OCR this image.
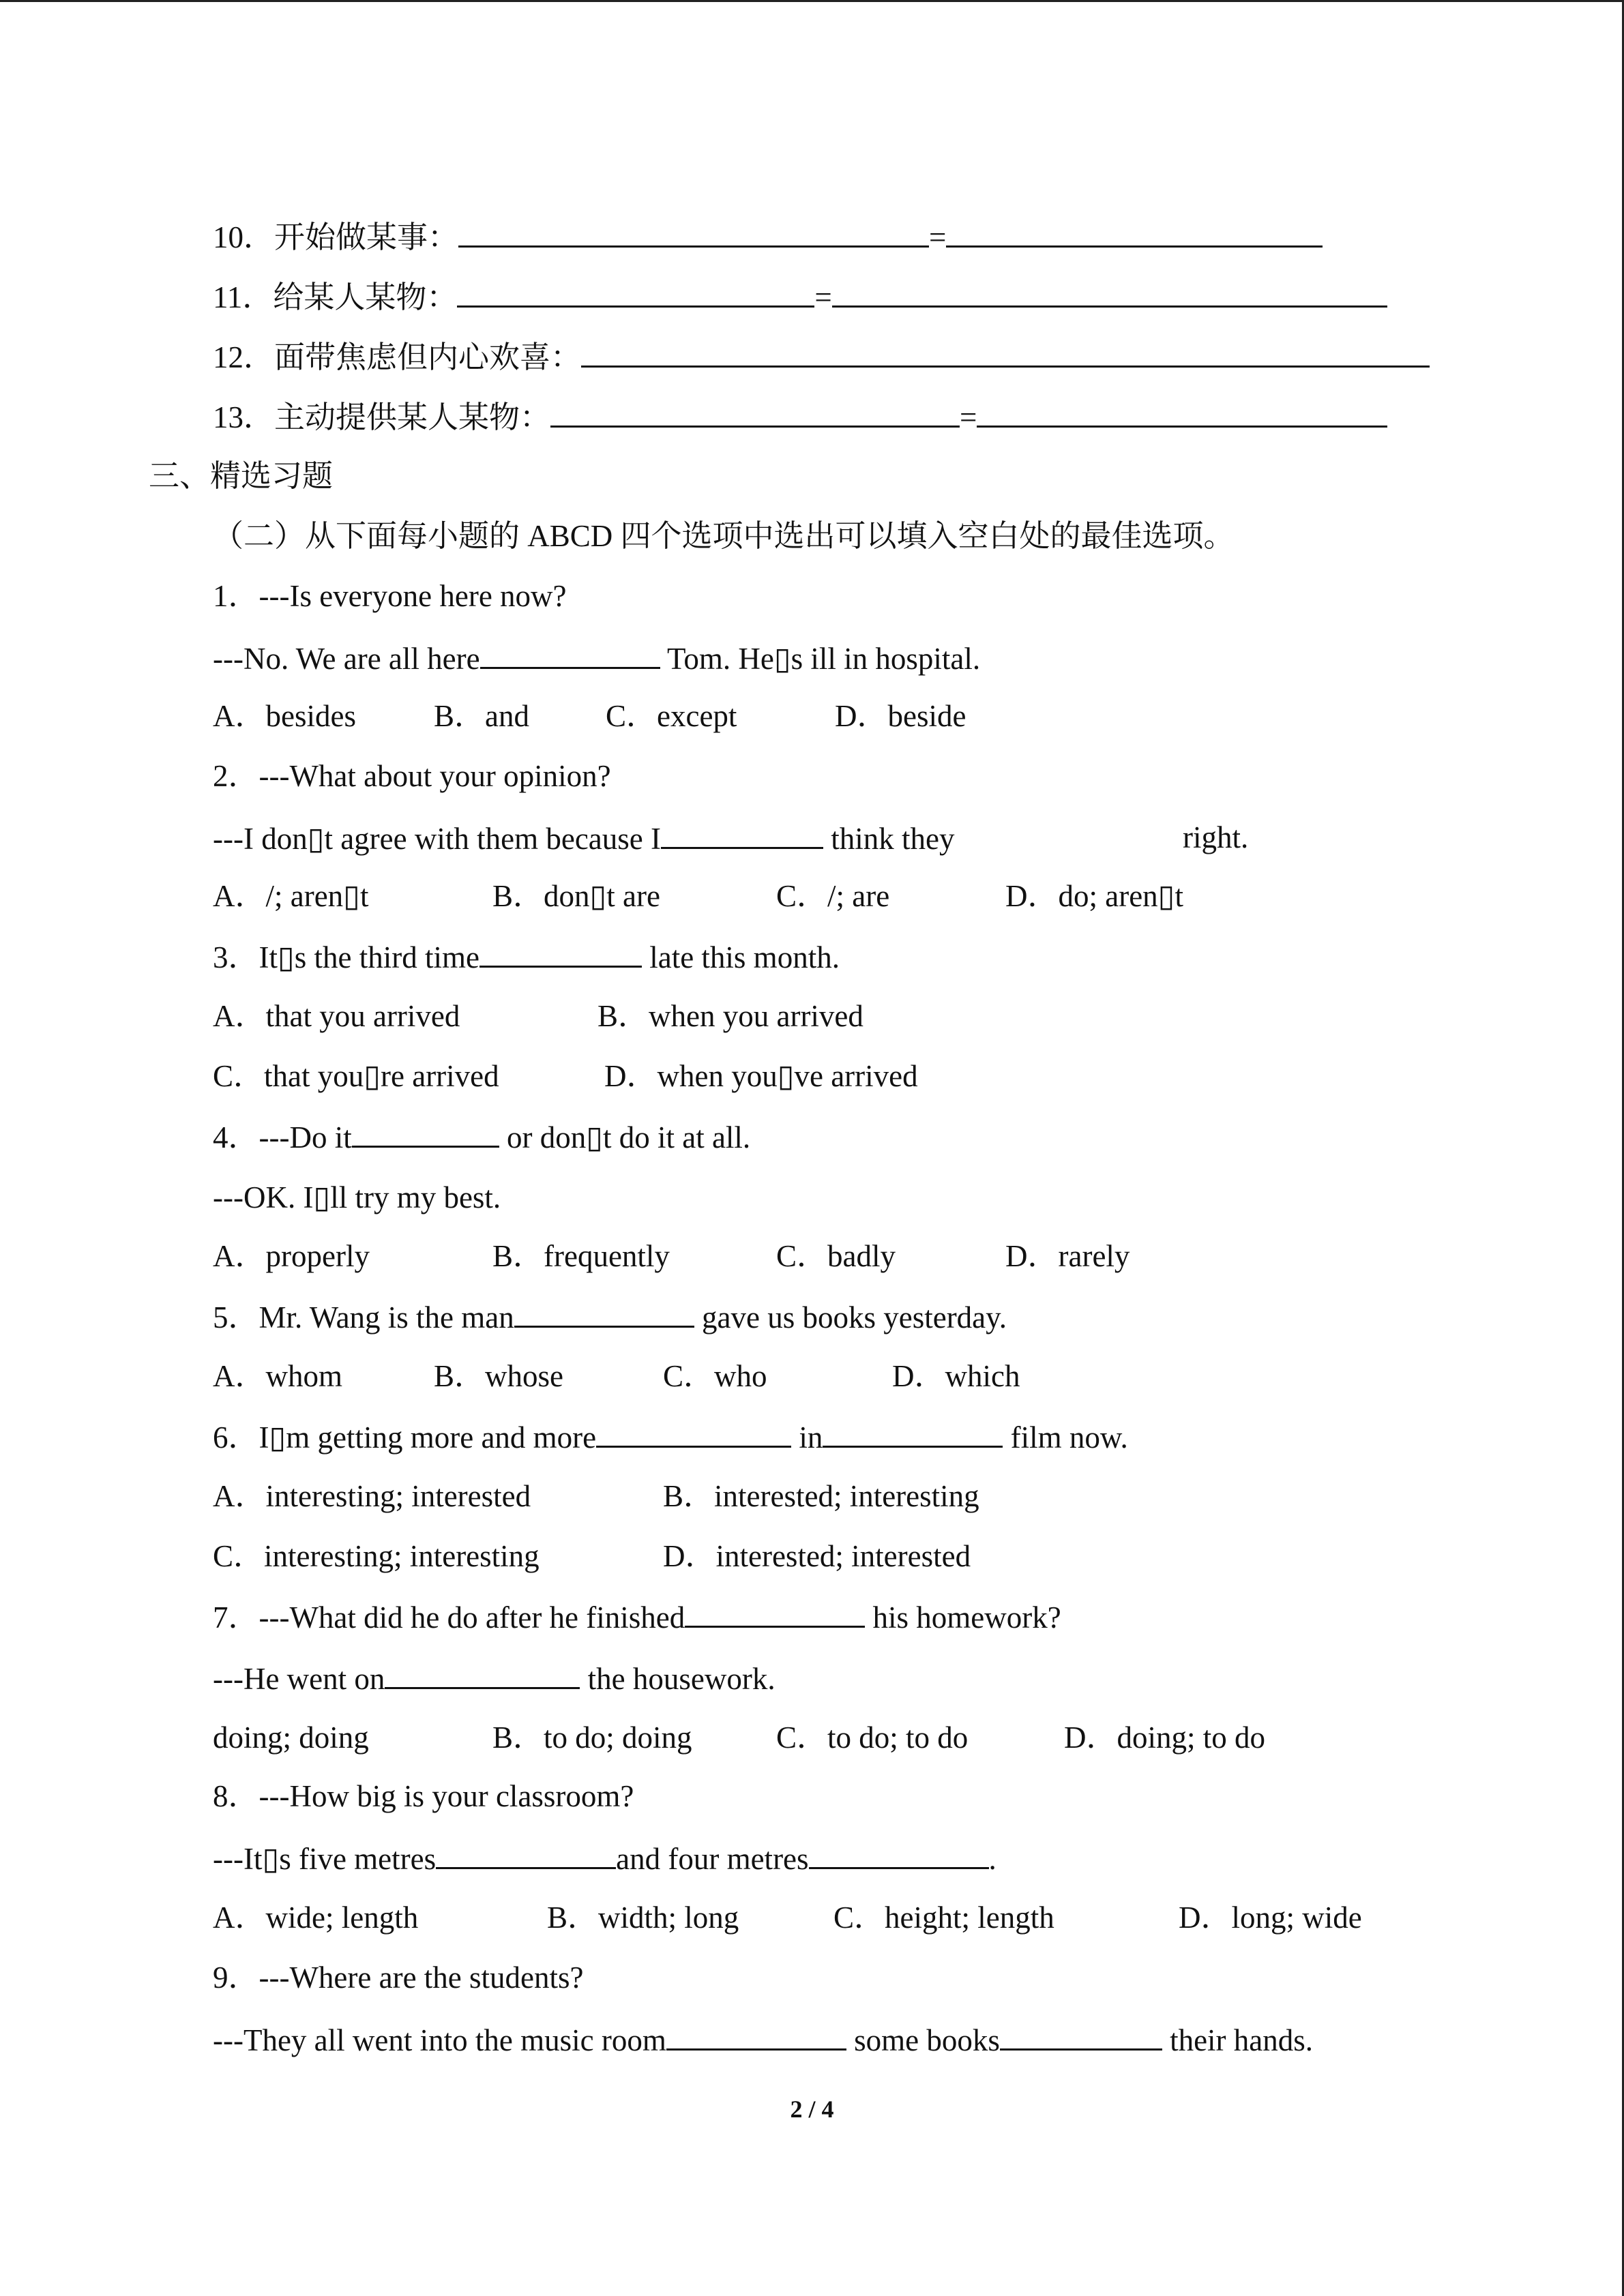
10．开始做某事：	=
11．给某人某物：	=
12．面带焦虑但内心欢喜：
13．主动提供某人某物：	=
三、精选习题
（二）从下面每小题的 ABCD 四个选项中选出可以填入空白处的最佳选项。
1．---Is everyone here now?
---No. We are all here	Tom. He▯s ill in hospital.
A．besides	B．and C．except	D．beside
2．---What about your opinion?
---I don▯t agree with them because I	think they	right.
A．/; aren▯t	B．don▯t are	C．/; are	D．do; aren▯t
3．It▯s the third time	late this month.
A．that you arrived	B．when you arrived
C．that you▯re arrived	D．when you▯ve arrived
4．---Do it	or don▯t do it at all.
---OK. I▯ll try my best.
A．properly	B．frequently	C．badly	D．rarely
5．Mr. Wang is the man	gave us books yesterday.
A．whom	B．whose	C．who	D．which
6．I▯m getting more and more	in	film now.
A．interesting; interested	B．interested; interesting
C．interesting; interesting	D．interested; interested
7．---What did he do after he finished	his homework?
---He went on	the housework.
doing; doing	B．to do; doing	C．to do; to do	D．doing; to do
8．---How big is your classroom?
---It▯s five metres	and four metres	.
A．wide; length	B．width; long	C．height; length	D．long; wide
9．---Where are the students?
---They all went into the music room	some books	their hands.
2 / 4
